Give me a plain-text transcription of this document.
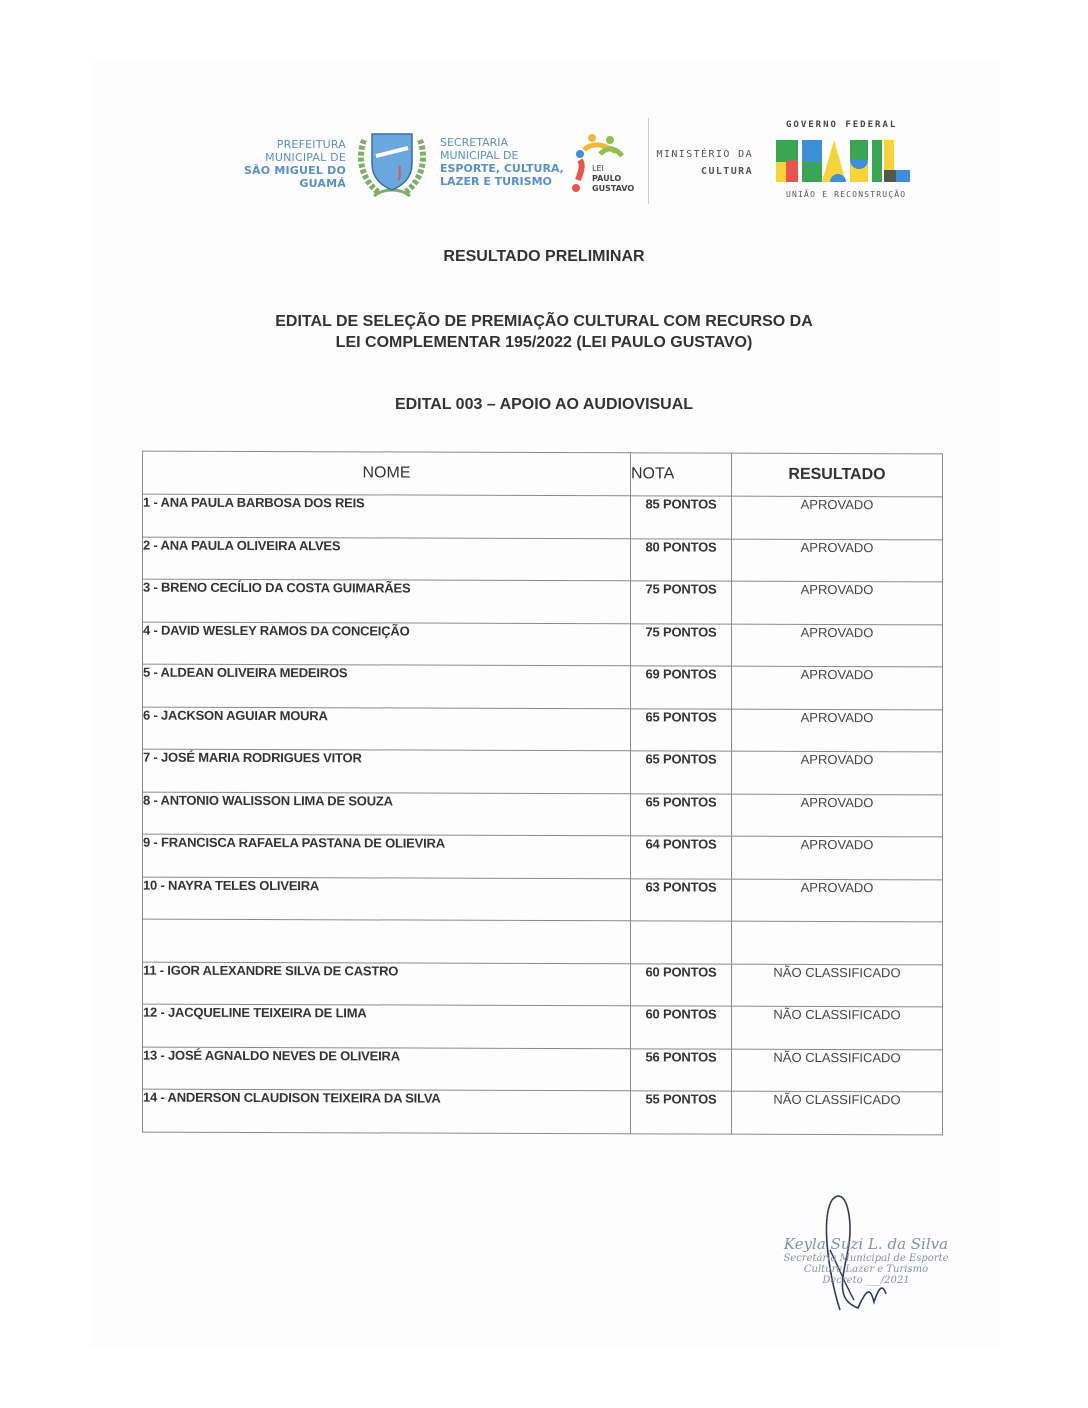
PREFEITURA
MUNICIPAL DE
SÃO MIGUEL DO GUAMÁ
SECRETARIA
MUNICIPAL DE
ESPORTE, CULTURA,
LAZER E TURISMO
LEI
PAULO
GUSTAVO
MINISTÉRIO DA
CULTURA
GOVERNO FEDERAL
UNIÃO E RECONSTRUÇÃO
RESULTADO PRELIMINAR
EDITAL DE SELEÇÃO DE PREMIAÇÃO CULTURAL COM RECURSO DA
LEI COMPLEMENTAR 195/2022 (LEI PAULO GUSTAVO)
EDITAL 003 – APOIO AO AUDIOVISUAL
NOME	NOTA	RESULTADO
1 - ANA PAULA BARBOSA DOS REIS	85 PONTOS	APROVADO
2 - ANA PAULA OLIVEIRA ALVES	80 PONTOS	APROVADO
3 - BRENO CECÍLIO DA COSTA GUIMARÃES	75 PONTOS	APROVADO
4 - DAVID WESLEY RAMOS DA CONCEIÇÃO	75 PONTOS	APROVADO
5 - ALDEAN OLIVEIRA MEDEIROS	69 PONTOS	APROVADO
6 - JACKSON AGUIAR MOURA	65 PONTOS	APROVADO
7 - JOSÉ MARIA RODRIGUES VITOR	65 PONTOS	APROVADO
8 - ANTONIO WALISSON LIMA DE SOUZA	65 PONTOS	APROVADO
9 - FRANCISCA RAFAELA PASTANA DE OLIEVIRA	64 PONTOS	APROVADO
10 - NAYRA TELES OLIVEIRA	63 PONTOS	APROVADO

11 - IGOR ALEXANDRE SILVA DE CASTRO	60 PONTOS	NÃO CLASSIFICADO
12 - JACQUELINE TEIXEIRA DE LIMA	60 PONTOS	NÃO CLASSIFICADO
13 - JOSÉ AGNALDO NEVES DE OLIVEIRA	56 PONTOS	NÃO CLASSIFICADO
14 - ANDERSON CLAUDISON TEIXEIRA DA SILVA	55 PONTOS	NÃO CLASSIFICADO
Keyla Suzi L. da Silva
Secretária Municipal de Esporte
Cultura Lazer e Turismo
Decreto ___/2021
